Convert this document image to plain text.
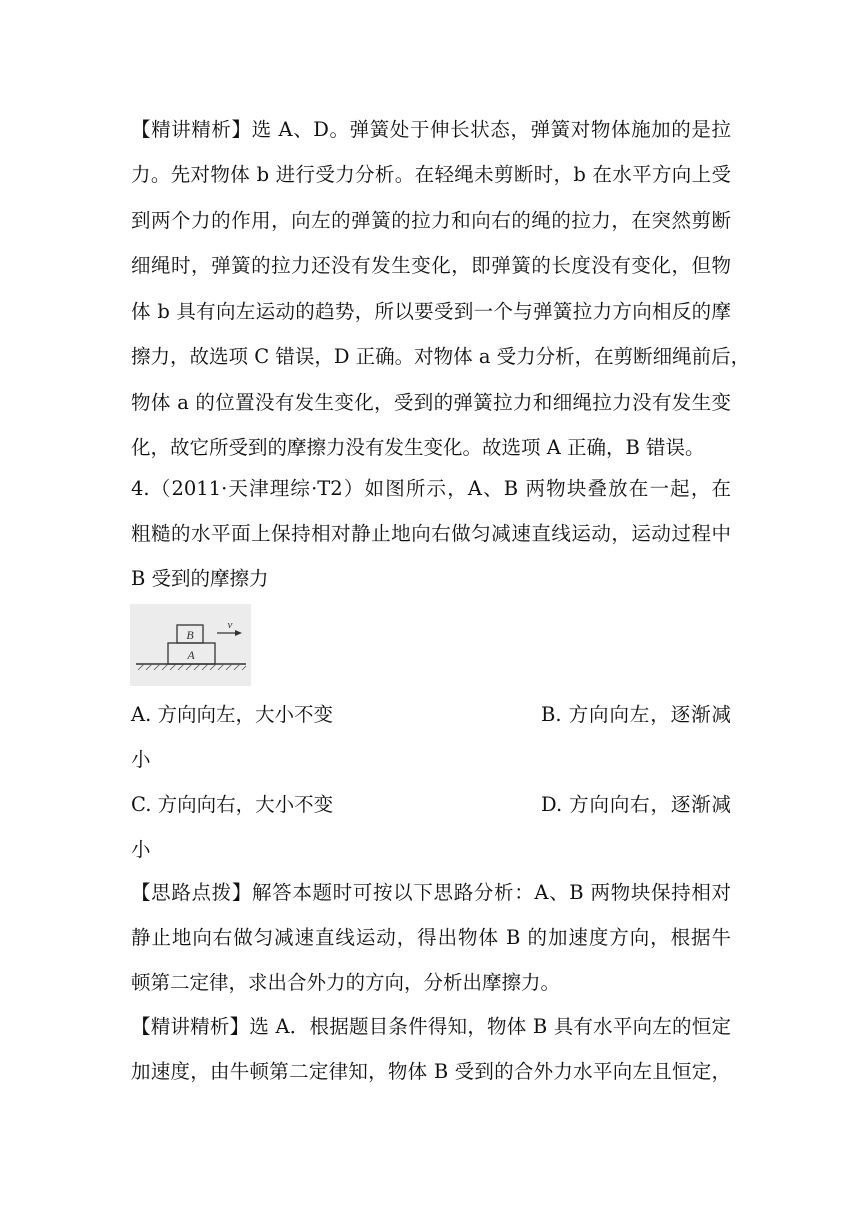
【精讲精析】选 A、D。弹簧处于伸长状态，弹簧对物体施加的是拉
力。先对物体 b 进行受力分析。在轻绳未剪断时，b 在水平方向上受
到两个力的作用，向左的弹簧的拉力和向右的绳的拉力，在突然剪断
细绳时，弹簧的拉力还没有发生变化，即弹簧的长度没有变化，但物
体 b 具有向左运动的趋势，所以要受到一个与弹簧拉力方向相反的摩
擦力，故选项 C 错误，D 正确。对物体 a 受力分析，在剪断细绳前后，
物体 a 的位置没有发生变化，受到的弹簧拉力和细绳拉力没有发生变
化，故它所受到的摩擦力没有发生变化。故选项 A 正确，B 错误。
4.（2011·天津理综·T2）如图所示，A、B 两物块叠放在一起，在
粗糙的水平面上保持相对静止地向右做匀减速直线运动，运动过程中
B 受到的摩擦力
B
A
v
A. 方向向左，大小不变	B. 方向向左，逐渐减
小
C. 方向向右，大小不变	D. 方向向右，逐渐减
小
【思路点拨】解答本题时可按以下思路分析：A、B 两物块保持相对
静止地向右做匀减速直线运动，得出物体 B 的加速度方向，根据牛
顿第二定律，求出合外力的方向，分析出摩擦力。
【精讲精析】选 A．根据题目条件得知，物体 B 具有水平向左的恒定
加速度，由牛顿第二定律知，物体 B 受到的合外力水平向左且恒定，
